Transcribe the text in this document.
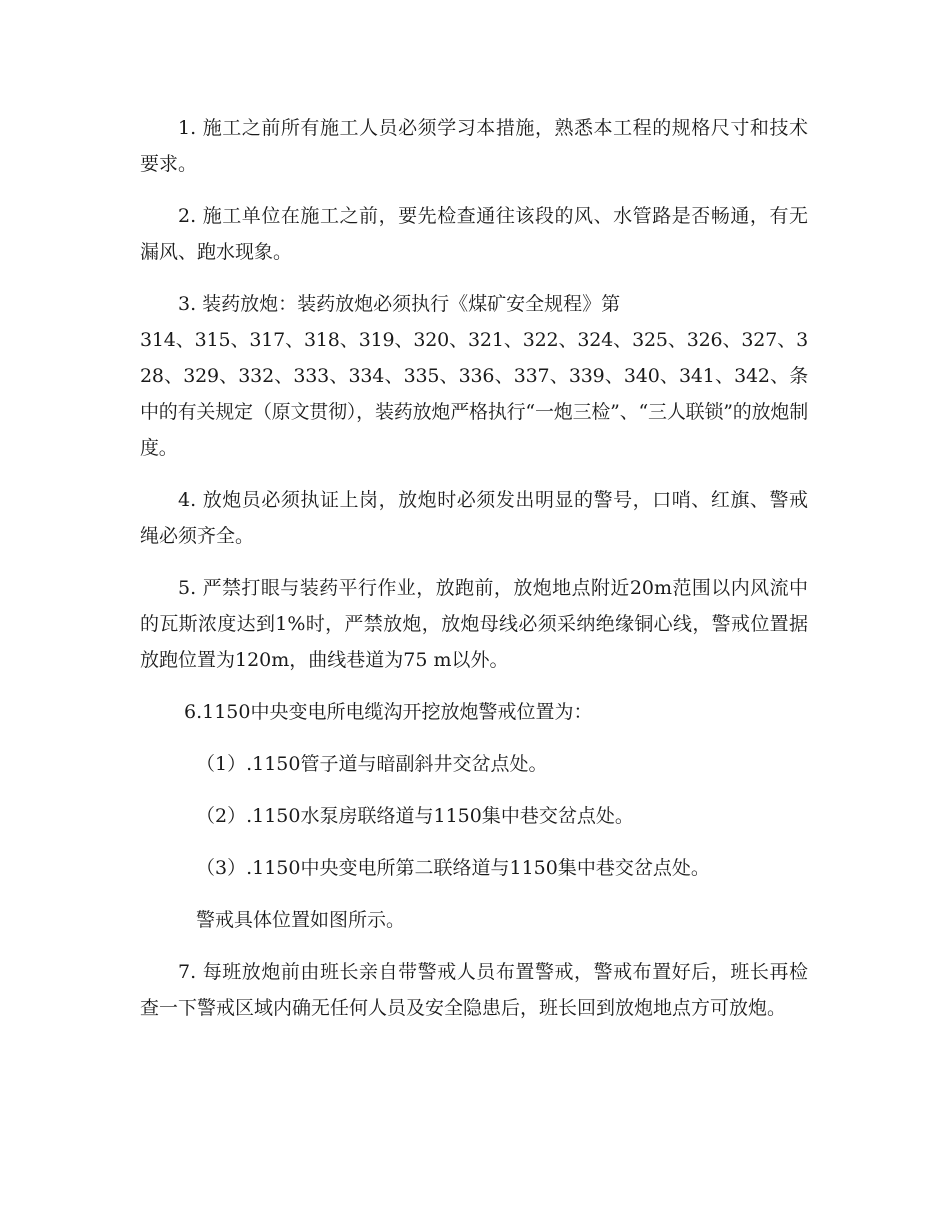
1. 施工之前所有施工人员必须学习本措施，熟悉本工程的规格尺寸和技术要求。

2. 施工单位在施工之前，要先检查通往该段的风、水管路是否畅通，有无漏风、跑水现象。

3. 装药放炮：装药放炮必须执行《煤矿安全规程》第

314、315、317、318、319、320、321、322、324、325、326、327、328、329、332、333、334、335、336、337、339、340、341、342、条中的有关规定（原文贯彻），装药放炮严格执行“一炮三检”、“三人联锁”的放炮制度。

4. 放炮员必须执证上岗，放炮时必须发出明显的警号，口哨、红旗、警戒绳必须齐全。

5. 严禁打眼与装药平行作业，放跑前，放炮地点附近20m范围以内风流中的瓦斯浓度达到1%时，严禁放炮，放炮母线必须采纳绝缘铜心线，警戒位置据放跑位置为120m，曲线巷道为75 m以外。

6.1150中央变电所电缆沟开挖放炮警戒位置为：

（1）.1150管子道与暗副斜井交岔点处。

（2）.1150水泵房联络道与1150集中巷交岔点处。

（3）.1150中央变电所第二联络道与1150集中巷交岔点处。

警戒具体位置如图所示。

7. 每班放炮前由班长亲自带警戒人员布置警戒，警戒布置好后，班长再检查一下警戒区域内确无任何人员及安全隐患后，班长回到放炮地点方可放炮。
